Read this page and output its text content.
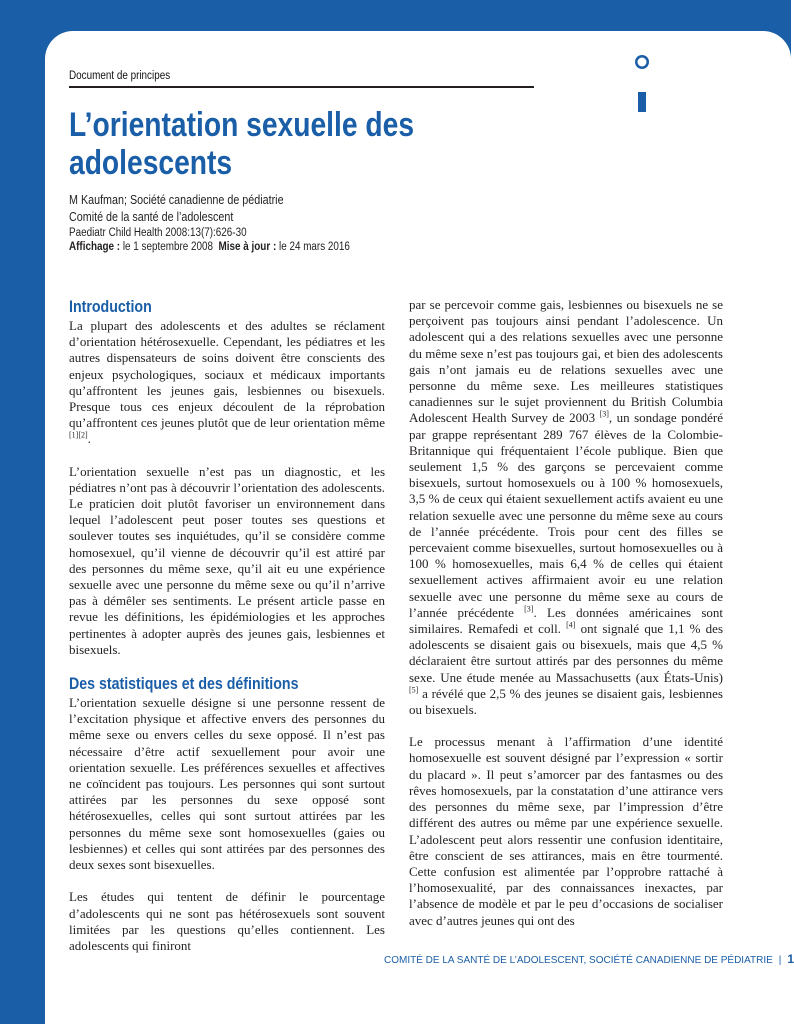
Société
canadienne
de pédiatrie
Document de principes
L’orientation sexuelle des adolescents
M Kaufman; Société canadienne de pédiatrie
Comité de la santé de l’adolescent
Paediatr Child Health 2008:13(7):626-30
Affichage : le 1 septembre 2008 Mise à jour : le 24 mars 2016
Introduction

La plupart des adolescents et des adultes se réclament d’orientation hétérosexuelle. Cependant, les pédiatres et les autres dispensateurs de soins doivent être conscients des enjeux psychologiques, sociaux et médicaux importants qu’affrontent les jeunes gais, lesbiennes ou bisexuels. Presque tous ces enjeux découlent de la réprobation qu’affrontent ces jeunes plutôt que de leur orientation même [1][2].

L’orientation sexuelle n’est pas un diagnostic, et les pédiatres n’ont pas à découvrir l’orientation des adolescents. Le praticien doit plutôt favoriser un environnement dans lequel l’adolescent peut poser toutes ses questions et soulever toutes ses inquiétudes, qu’il se considère comme homosexuel, qu’il vienne de découvrir qu’il est attiré par des personnes du même sexe, qu’il ait eu une expérience sexuelle avec une personne du même sexe ou qu’il n’arrive pas à démêler ses sentiments. Le présent article passe en revue les définitions, les épidémiologies et les approches pertinentes à adopter auprès des jeunes gais, lesbiennes et bisexuels.

Des statistiques et des définitions

L’orientation sexuelle désigne si une personne ressent de l’excitation physique et affective envers des personnes du même sexe ou envers celles du sexe opposé. Il n’est pas nécessaire d’être actif sexuellement pour avoir une orientation sexuelle. Les préférences sexuelles et affectives ne coïncident pas toujours. Les personnes qui sont surtout attirées par les personnes du sexe opposé sont hétérosexuelles, celles qui sont surtout attirées par les personnes du même sexe sont homosexuelles (gaies ou lesbiennes) et celles qui sont attirées par des personnes des deux sexes sont bisexuelles.

Les études qui tentent de définir le pourcentage d’adolescents qui ne sont pas hétérosexuels sont souvent limitées par les questions qu’elles contiennent. Les adolescents qui finiront

par se percevoir comme gais, lesbiennes ou bisexuels ne se perçoivent pas toujours ainsi pendant l’adolescence. Un adolescent qui a des relations sexuelles avec une personne du même sexe n’est pas toujours gai, et bien des adolescents gais n’ont jamais eu de relations sexuelles avec une personne du même sexe. Les meilleures statistiques canadiennes sur le sujet proviennent du British Columbia Adolescent Health Survey de 2003 [3], un sondage pondéré par grappe représentant 289 767 élèves de la Colombie-Britannique qui fréquentaient l’école publique. Bien que seulement 1,5 % des garçons se percevaient comme bisexuels, surtout homosexuels ou à 100 % homosexuels, 3,5 % de ceux qui étaient sexuellement actifs avaient eu une relation sexuelle avec une personne du même sexe au cours de l’année précédente. Trois pour cent des filles se percevaient comme bisexuelles, surtout homosexuelles ou à 100 % homosexuelles, mais 6,4 % de celles qui étaient sexuellement actives affirmaient avoir eu une relation sexuelle avec une personne du même sexe au cours de l’année précédente [3]. Les données américaines sont similaires. Remafedi et coll. [4] ont signalé que 1,1 % des adolescents se disaient gais ou bisexuels, mais que 4,5 % déclaraient être surtout attirés par des personnes du même sexe. Une étude menée au Massachusetts (aux États-Unis) [5] a révélé que 2,5 % des jeunes se disaient gais, lesbiennes ou bisexuels.

Le processus menant à l’affirmation d’une identité homosexuelle est souvent désigné par l’expression « sortir du placard ». Il peut s’amorcer par des fantasmes ou des rêves homosexuels, par la constatation d’une attirance vers des personnes du même sexe, par l’impression d’être différent des autres ou même par une expérience sexuelle. L’adolescent peut alors ressentir une confusion identitaire, être conscient de ses attirances, mais en être tourmenté. Cette confusion est alimentée par l’opprobre rattaché à l’homosexualité, par des connaissances inexactes, par l’absence de modèle et par le peu d’occasions de socialiser avec d’autres jeunes qui ont des

COMITÉ DE LA SANTÉ DE L’ADOLESCENT, SOCIÉTÉ CANADIENNE DE PÉDIATRIE | 1
